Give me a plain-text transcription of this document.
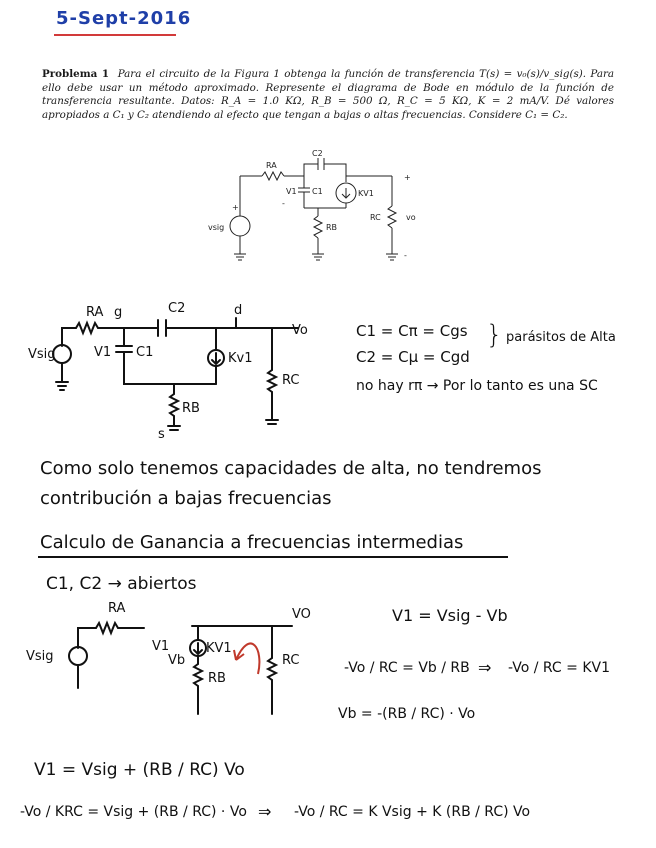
5-Sept-2016
Problema 1 Para el circuito de la Figura 1 obtenga la función de transferencia T(s) = v₀(s)/v_sig(s). Para ello debe usar un método aproximado. Represente el diagrama de Bode en módulo de la función de transferencia resultante. Datos: R_A = 1.0 KΩ, R_B = 500 Ω, R_C = 5 KΩ, K = 2 mA/V. Dé valores apropiados a C₁ y C₂ atendiendo al efecto que tengan a bajas o altas frecuencias. Considere C₁ = C₂.
RA
C2
V1 C1	KV1
vsig	RB
RC	vo
+
-
+	-
RA g	C2	d
Vo
Vsig	V1 C1	Kv1
RC
RB
s
C1 = Cπ = Cgs
C2 = Cμ = Cgd
} parásitos de Alta
no hay rπ → Por lo tanto es una SC
Como solo tenemos capacidades de alta, no tendremos
contribución a bajas frecuencias
Calculo de Ganancia a frecuencias intermedias
C1, C2 → abiertos
RA	VO
Vsig
V1
Vb
KV1
RB
RC
V1 = Vsig - Vb
-Vo / RC = Vb / RB ⇒ -Vo / RC = KV1
Vb = -(RB / RC) · Vo
V1 = Vsig + (RB / RC) Vo
-Vo / KRC = Vsig + (RB / RC) · Vo ⇒ -Vo / RC = K Vsig + K (RB / RC) Vo
